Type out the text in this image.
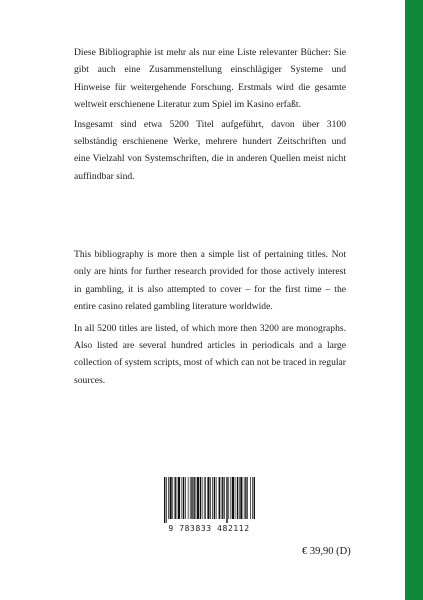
Diese Bibliographie ist mehr als nur eine Liste relevanter Bücher: Sie gibt auch eine Zusammenstellung einschlägiger Systeme und Hinweise für weitergehende Forschung. Erstmals wird die gesamte weltweit erschienene Literatur zum Spiel im Kasino erfaßt.

Insgesamt sind etwa 5200 Titel aufgeführt, davon über 3100 selbständig erschienene Werke, mehrere hundert Zeitschriften und eine Vielzahl von Systemschriften, die in anderen Quellen meist nicht auffindbar sind.

This bibliography is more then a simple list of pertaining titles. Not only are hints for further research provided for those actively interest in gambling, it is also attempted to cover – for the first time – the entire casino related gambling literature worldwide.

In all 5200 titles are listed, of which more then 3200 are monographs. Also listed are several hundred articles in periodicals and a large collection of system scripts, most of which can not be traced in regular sources.

9 783833 482112
€ 39,90 (D)
